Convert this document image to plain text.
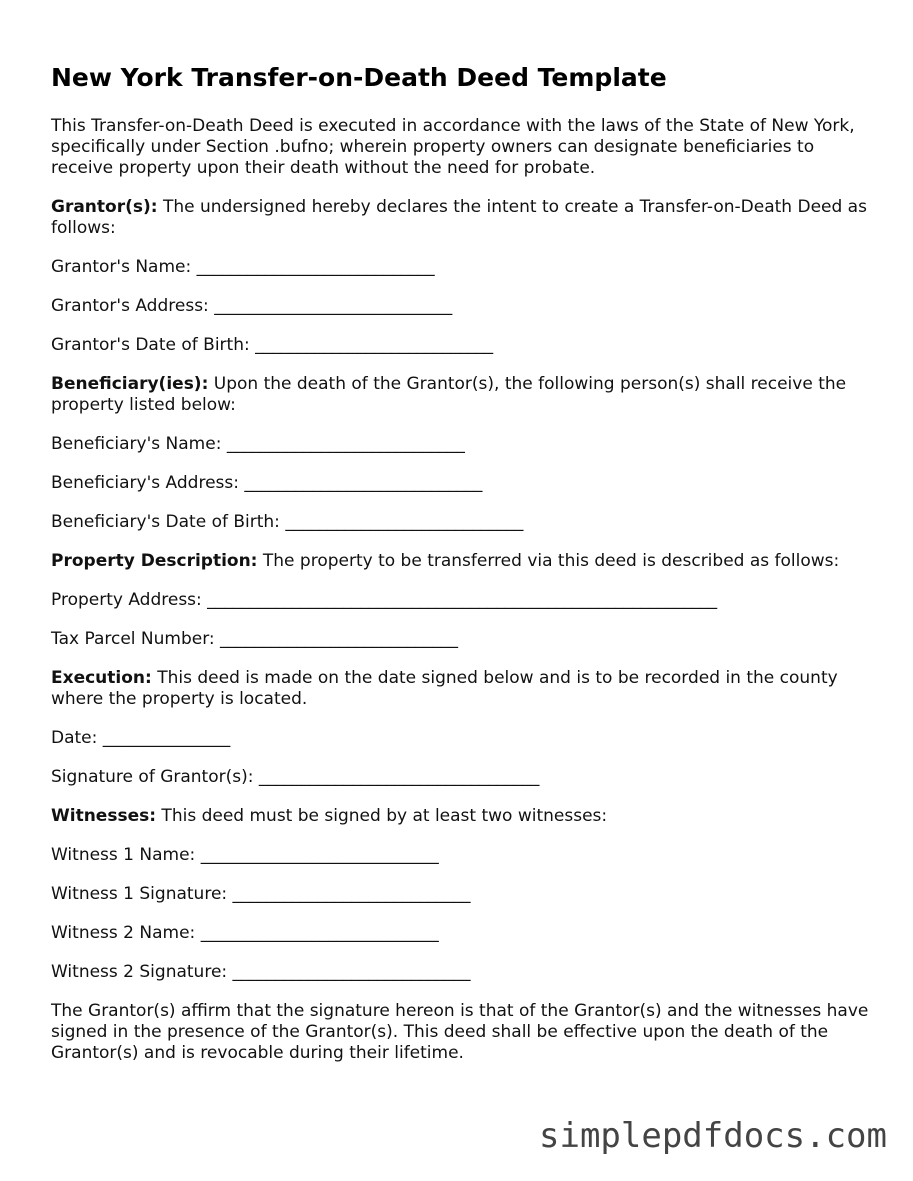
New York Transfer-on-Death Deed Template

This Transfer-on-Death Deed is executed in accordance with the laws of the State of New York, specifically under Section .bufno; wherein property owners can designate beneficiaries to receive property upon their death without the need for probate.

Grantor(s): The undersigned hereby declares the intent to create a Transfer-on-Death Deed as follows:

Grantor's Name: ____________________________

Grantor's Address: ____________________________

Grantor's Date of Birth: ____________________________

Beneficiary(ies): Upon the death of the Grantor(s), the following person(s) shall receive the property listed below:

Beneficiary's Name: ____________________________

Beneficiary's Address: ____________________________

Beneficiary's Date of Birth: ____________________________

Property Description: The property to be transferred via this deed is described as follows:

Property Address: ____________________________________________________________

Tax Parcel Number: ____________________________

Execution: This deed is made on the date signed below and is to be recorded in the county where the property is located.

Date: _______________

Signature of Grantor(s): _________________________________

Witnesses: This deed must be signed by at least two witnesses:

Witness 1 Name: ____________________________

Witness 1 Signature: ____________________________

Witness 2 Name: ____________________________

Witness 2 Signature: ____________________________

The Grantor(s) affirm that the signature hereon is that of the Grantor(s) and the witnesses have signed in the presence of the Grantor(s). This deed shall be effective upon the death of the Grantor(s) and is revocable during their lifetime.

simplepdfdocs.com
